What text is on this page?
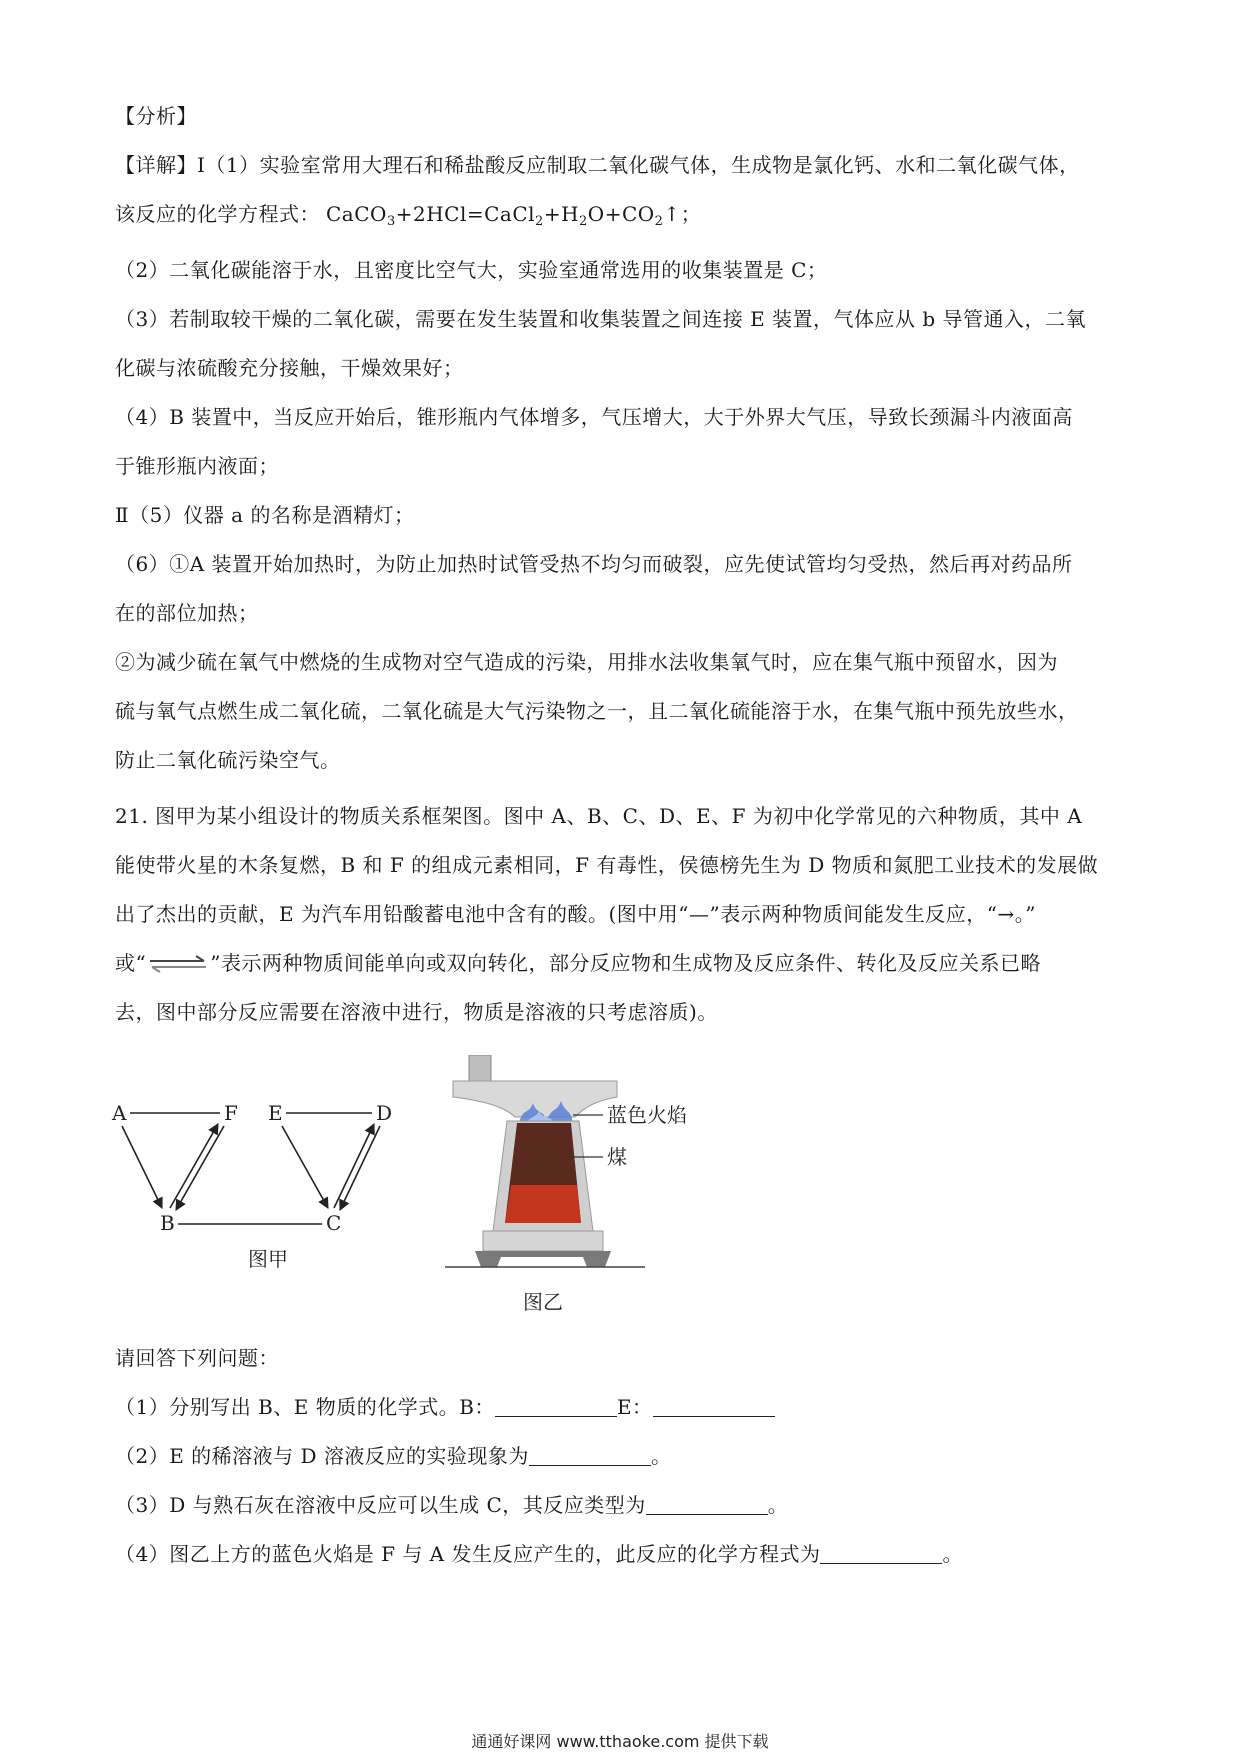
【分析】
【详解】Ⅰ（1）实验室常用大理石和稀盐酸反应制取二氧化碳气体，生成物是氯化钙、水和二氧化碳气体，
该反应的化学方程式： $CaCO_3+2HCl=CaCl_2+H_2O+CO_2↑$；
（2）二氧化碳能溶于水，且密度比空气大，实验室通常选用的收集装置是 C；
（3）若制取较干燥的二氧化碳，需要在发生装置和收集装置之间连接 E 装置，气体应从 b 导管通入，二氧
化碳与浓硫酸充分接触，干燥效果好；
（4）B 装置中，当反应开始后，锥形瓶内气体增多，气压增大，大于外界大气压，导致长颈漏斗内液面高
于锥形瓶内液面；
Ⅱ（5）仪器 a 的名称是酒精灯；
（6）①A 装置开始加热时，为防止加热时试管受热不均匀而破裂，应先使试管均匀受热，然后再对药品所
在的部位加热；
②为减少硫在氧气中燃烧的生成物对空气造成的污染，用排水法收集氧气时，应在集气瓶中预留水，因为
硫与氧气点燃生成二氧化硫，二氧化硫是大气污染物之一，且二氧化硫能溶于水，在集气瓶中预先放些水，
防止二氧化硫污染空气。
21. 图甲为某小组设计的物质关系框架图。图中 A、B、C、D、E、F 为初中化学常见的六种物质，其中 A
能使带火星的木条复燃，B 和 F 的组成元素相同，F 有毒性，侯德榜先生为 D 物质和氮肥工业技术的发展做
出了杰出的贡献，E 为汽车用铅酸蓄电池中含有的酸。(图中用“—”表示两种物质间能发生反应，“→。”
或“	”表示两种物质间能单向或双向转化，部分反应物和生成物及反应条件、转化及反应关系已略
去，图中部分反应需要在溶液中进行，物质是溶液的只考虑溶质)。
A	F E	D
B	C
图甲
蓝色火焰
煤
图乙
请回答下列问题：
（1）分别写出 B、E 物质的化学式。B：	E：
（2）E 的稀溶液与 D 溶液反应的实验现象为	。
（3）D 与熟石灰在溶液中反应可以生成 C，其反应类型为	。
（4）图乙上方的蓝色火焰是 F 与 A 发生反应产生的，此反应的化学方程式为	。
通通好课网 www.tthaoke.com 提供下载
